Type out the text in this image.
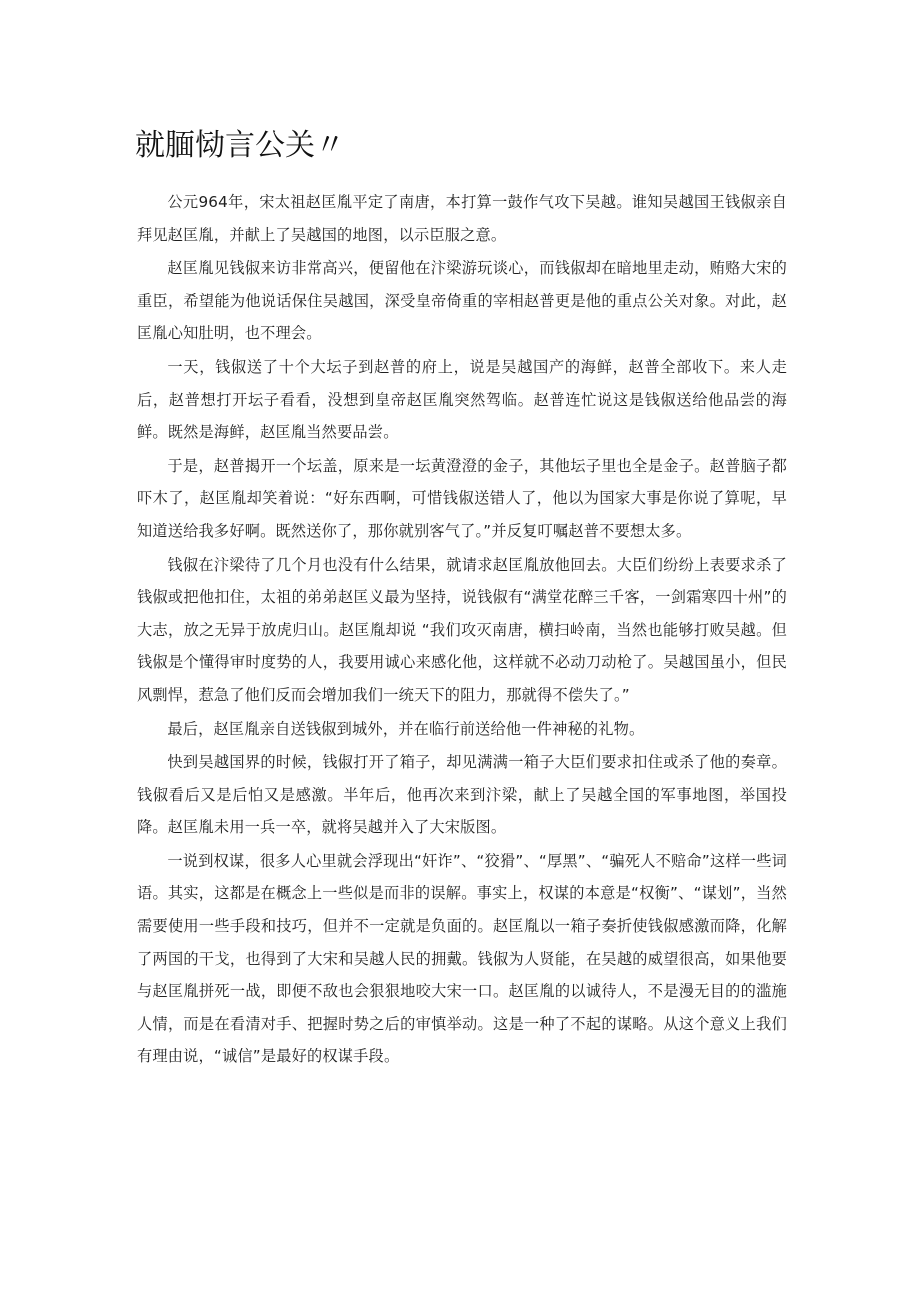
就腼恸言公关〃

公元964年，宋太祖赵匡胤平定了南唐，本打算一鼓作气攻下吴越。谁知吴越国王钱俶亲自拜见赵匡胤，并献上了吴越国的地图，以示臣服之意。

赵匡胤见钱俶来访非常高兴，便留他在汴梁游玩谈心，而钱俶却在暗地里走动，贿赂大宋的重臣，希望能为他说话保住吴越国，深受皇帝倚重的宰相赵普更是他的重点公关对象。对此，赵匡胤心知肚明，也不理会。

一天，钱俶送了十个大坛子到赵普的府上，说是吴越国产的海鲜，赵普全部收下。来人走后，赵普想打开坛子看看，没想到皇帝赵匡胤突然驾临。赵普连忙说这是钱俶送给他品尝的海鲜。既然是海鲜，赵匡胤当然要品尝。

于是，赵普揭开一个坛盖，原来是一坛黄澄澄的金子，其他坛子里也全是金子。赵普脑子都吓木了，赵匡胤却笑着说：“好东西啊，可惜钱俶送错人了，他以为国家大事是你说了算呢，早知道送给我多好啊。既然送你了，那你就别客气了。”并反复叮嘱赵普不要想太多。

钱俶在汴梁待了几个月也没有什么结果，就请求赵匡胤放他回去。大臣们纷纷上表要求杀了钱俶或把他扣住，太祖的弟弟赵匡义最为坚持，说钱俶有“满堂花醉三千客，一剑霜寒四十州”的大志，放之无异于放虎归山。赵匡胤却说 “我们攻灭南唐，横扫岭南，当然也能够打败吴越。但钱俶是个懂得审时度势的人，我要用诚心来感化他，这样就不必动刀动枪了。吴越国虽小，但民风剽悍，惹急了他们反而会增加我们一统天下的阻力，那就得不偿失了。”

最后，赵匡胤亲自送钱俶到城外，并在临行前送给他一件神秘的礼物。

快到吴越国界的时候，钱俶打开了箱子，却见满满一箱子大臣们要求扣住或杀了他的奏章。钱俶看后又是后怕又是感激。半年后，他再次来到汴梁，献上了吴越全国的军事地图，举国投降。赵匡胤未用一兵一卒，就将吴越并入了大宋版图。

一说到权谋，很多人心里就会浮现出“奸诈”、“狡猾”、“厚黑”、“骗死人不赔命”这样一些词语。其实，这都是在概念上一些似是而非的误解。事实上，权谋的本意是“权衡”、“谋划”，当然需要使用一些手段和技巧，但并不一定就是负面的。赵匡胤以一箱子奏折使钱俶感激而降，化解了两国的干戈，也得到了大宋和吴越人民的拥戴。钱俶为人贤能，在吴越的威望很高，如果他要与赵匡胤拼死一战，即便不敌也会狠狠地咬大宋一口。赵匡胤的以诚待人，不是漫无目的的滥施人情，而是在看清对手、把握时势之后的审慎举动。这是一种了不起的谋略。从这个意义上我们有理由说，“诚信”是最好的权谋手段。
